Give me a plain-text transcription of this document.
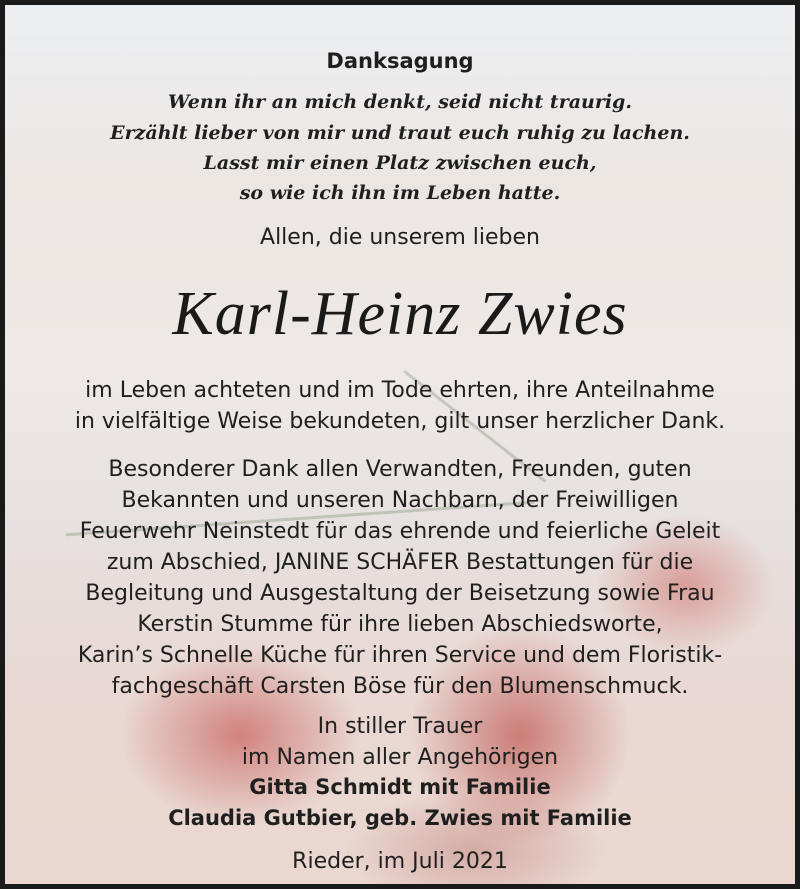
Danksagung
Wenn ihr an mich denkt, seid nicht traurig.
Erzählt lieber von mir und traut euch ruhig zu lachen.
Lasst mir einen Platz zwischen euch,
so wie ich ihn im Leben hatte.
Allen, die unserem lieben
Karl-Heinz Zwies
im Leben achteten und im Tode ehrten, ihre Anteilnahme
in vielfältige Weise bekundeten, gilt unser herzlicher Dank.
Besonderer Dank allen Verwandten, Freunden, guten
Bekannten und unseren Nachbarn, der Freiwilligen
Feuerwehr Neinstedt für das ehrende und feierliche Geleit
zum Abschied, JANINE SCHÄFER Bestattungen für die
Begleitung und Ausgestaltung der Beisetzung sowie Frau
Kerstin Stumme für ihre lieben Abschiedsworte,
Karin’s Schnelle Küche für ihren Service und dem Floristik-
fachgeschäft Carsten Böse für den Blumenschmuck.
In stiller Trauer
im Namen aller Angehörigen
Gitta Schmidt mit Familie
Claudia Gutbier, geb. Zwies mit Familie
Rieder, im Juli 2021
